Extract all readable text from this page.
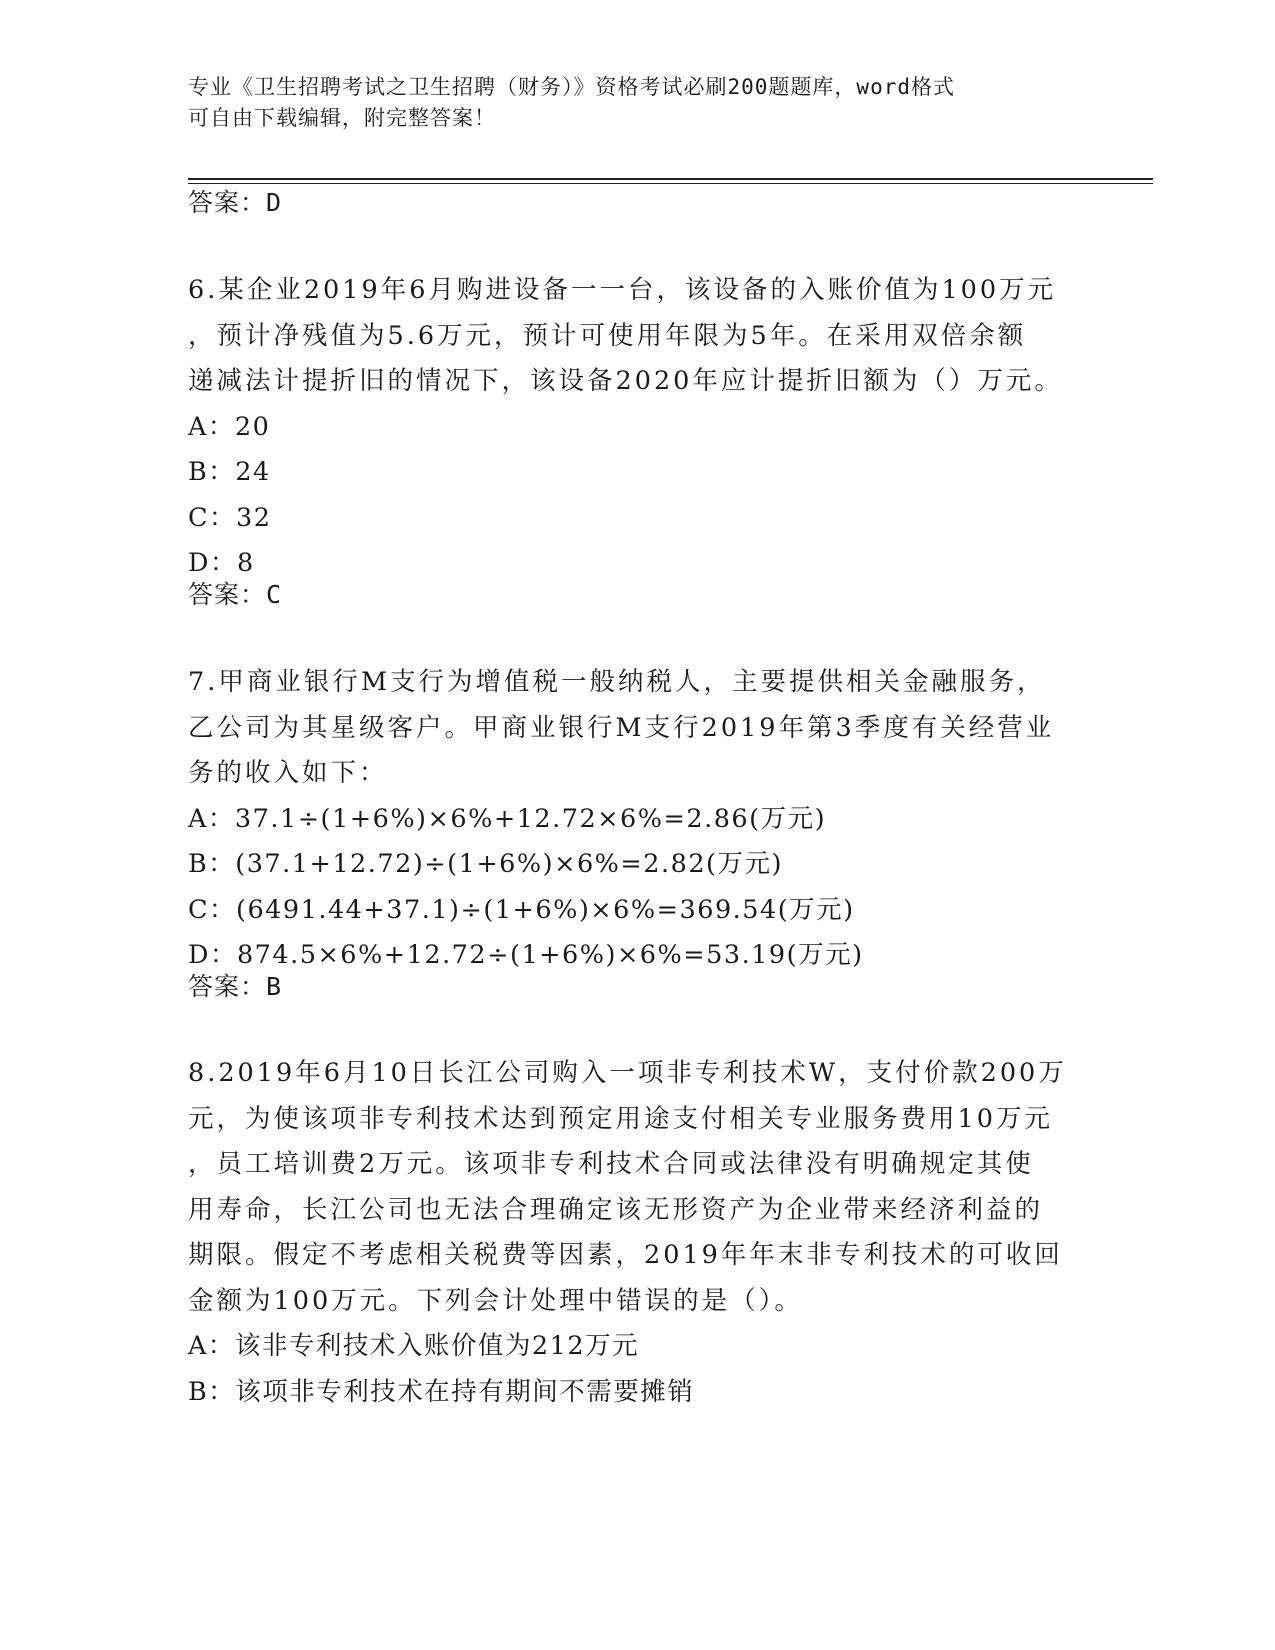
专业《卫生招聘考试之卫生招聘（财务）》资格考试必刷200题题库，word格式
可自由下载编辑，附完整答案！
答案：D

6.某企业2019年6月购进设备一一台，该设备的入账价值为100万元

，预计净残值为5.6万元，预计可使用年限为5年。在采用双倍余额

递减法计提折旧的情况下，该设备2020年应计提折旧额为（）万元。

A：20

B：24

C：32

D：8

答案：C

7.甲商业银行M支行为增值税一般纳税人，主要提供相关金融服务，

乙公司为其星级客户。甲商业银行M支行2019年第3季度有关经营业

务的收入如下：

A：37.1÷(1+6%)×6%+12.72×6%=2.86(万元)

B：(37.1+12.72)÷(1+6%)×6%=2.82(万元)

C：(6491.44+37.1)÷(1+6%)×6%=369.54(万元)

D：874.5×6%+12.72÷(1+6%)×6%=53.19(万元)

答案：B

8.2019年6月10日长江公司购入一项非专利技术W，支付价款200万

元，为使该项非专利技术达到预定用途支付相关专业服务费用10万元

，员工培训费2万元。该项非专利技术合同或法律没有明确规定其使

用寿命，长江公司也无法合理确定该无形资产为企业带来经济利益的

期限。假定不考虑相关税费等因素，2019年年末非专利技术的可收回

金额为100万元。下列会计处理中错误的是（）。

A：该非专利技术入账价值为212万元

B：该项非专利技术在持有期间不需要摊销
